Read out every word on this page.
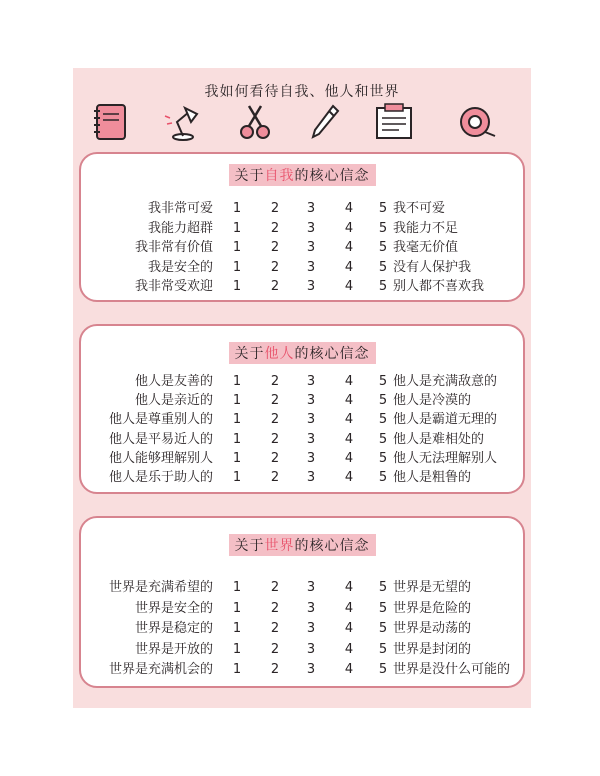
我如何看待自我、他人和世界
关于自我的核心信念
我非常可爱 1 2 3 4 5 我不可爱
我能力超群 1 2 3 4 5 我能力不足
我非常有价值 1 2 3 4 5 我毫无价值
我是安全的 1 2 3 4 5 没有人保护我
我非常受欢迎 1 2 3 4 5 别人都不喜欢我
关于他人的核心信念
他人是友善的 1 2 3 4 5 他人是充满敌意的
他人是亲近的 1 2 3 4 5 他人是冷漠的
他人是尊重别人的 1 2 3 4 5 他人是霸道无理的
他人是平易近人的 1 2 3 4 5 他人是难相处的
他人能够理解别人 1 2 3 4 5 他人无法理解别人
他人是乐于助人的 1 2 3 4 5 他人是粗鲁的
关于世界的核心信念
世界是充满希望的 1 2 3 4 5 世界是无望的
世界是安全的 1 2 3 4 5 世界是危险的
世界是稳定的 1 2 3 4 5 世界是动荡的
世界是开放的 1 2 3 4 5 世界是封闭的
世界是充满机会的 1 2 3 4 5 世界是没什么可能的
